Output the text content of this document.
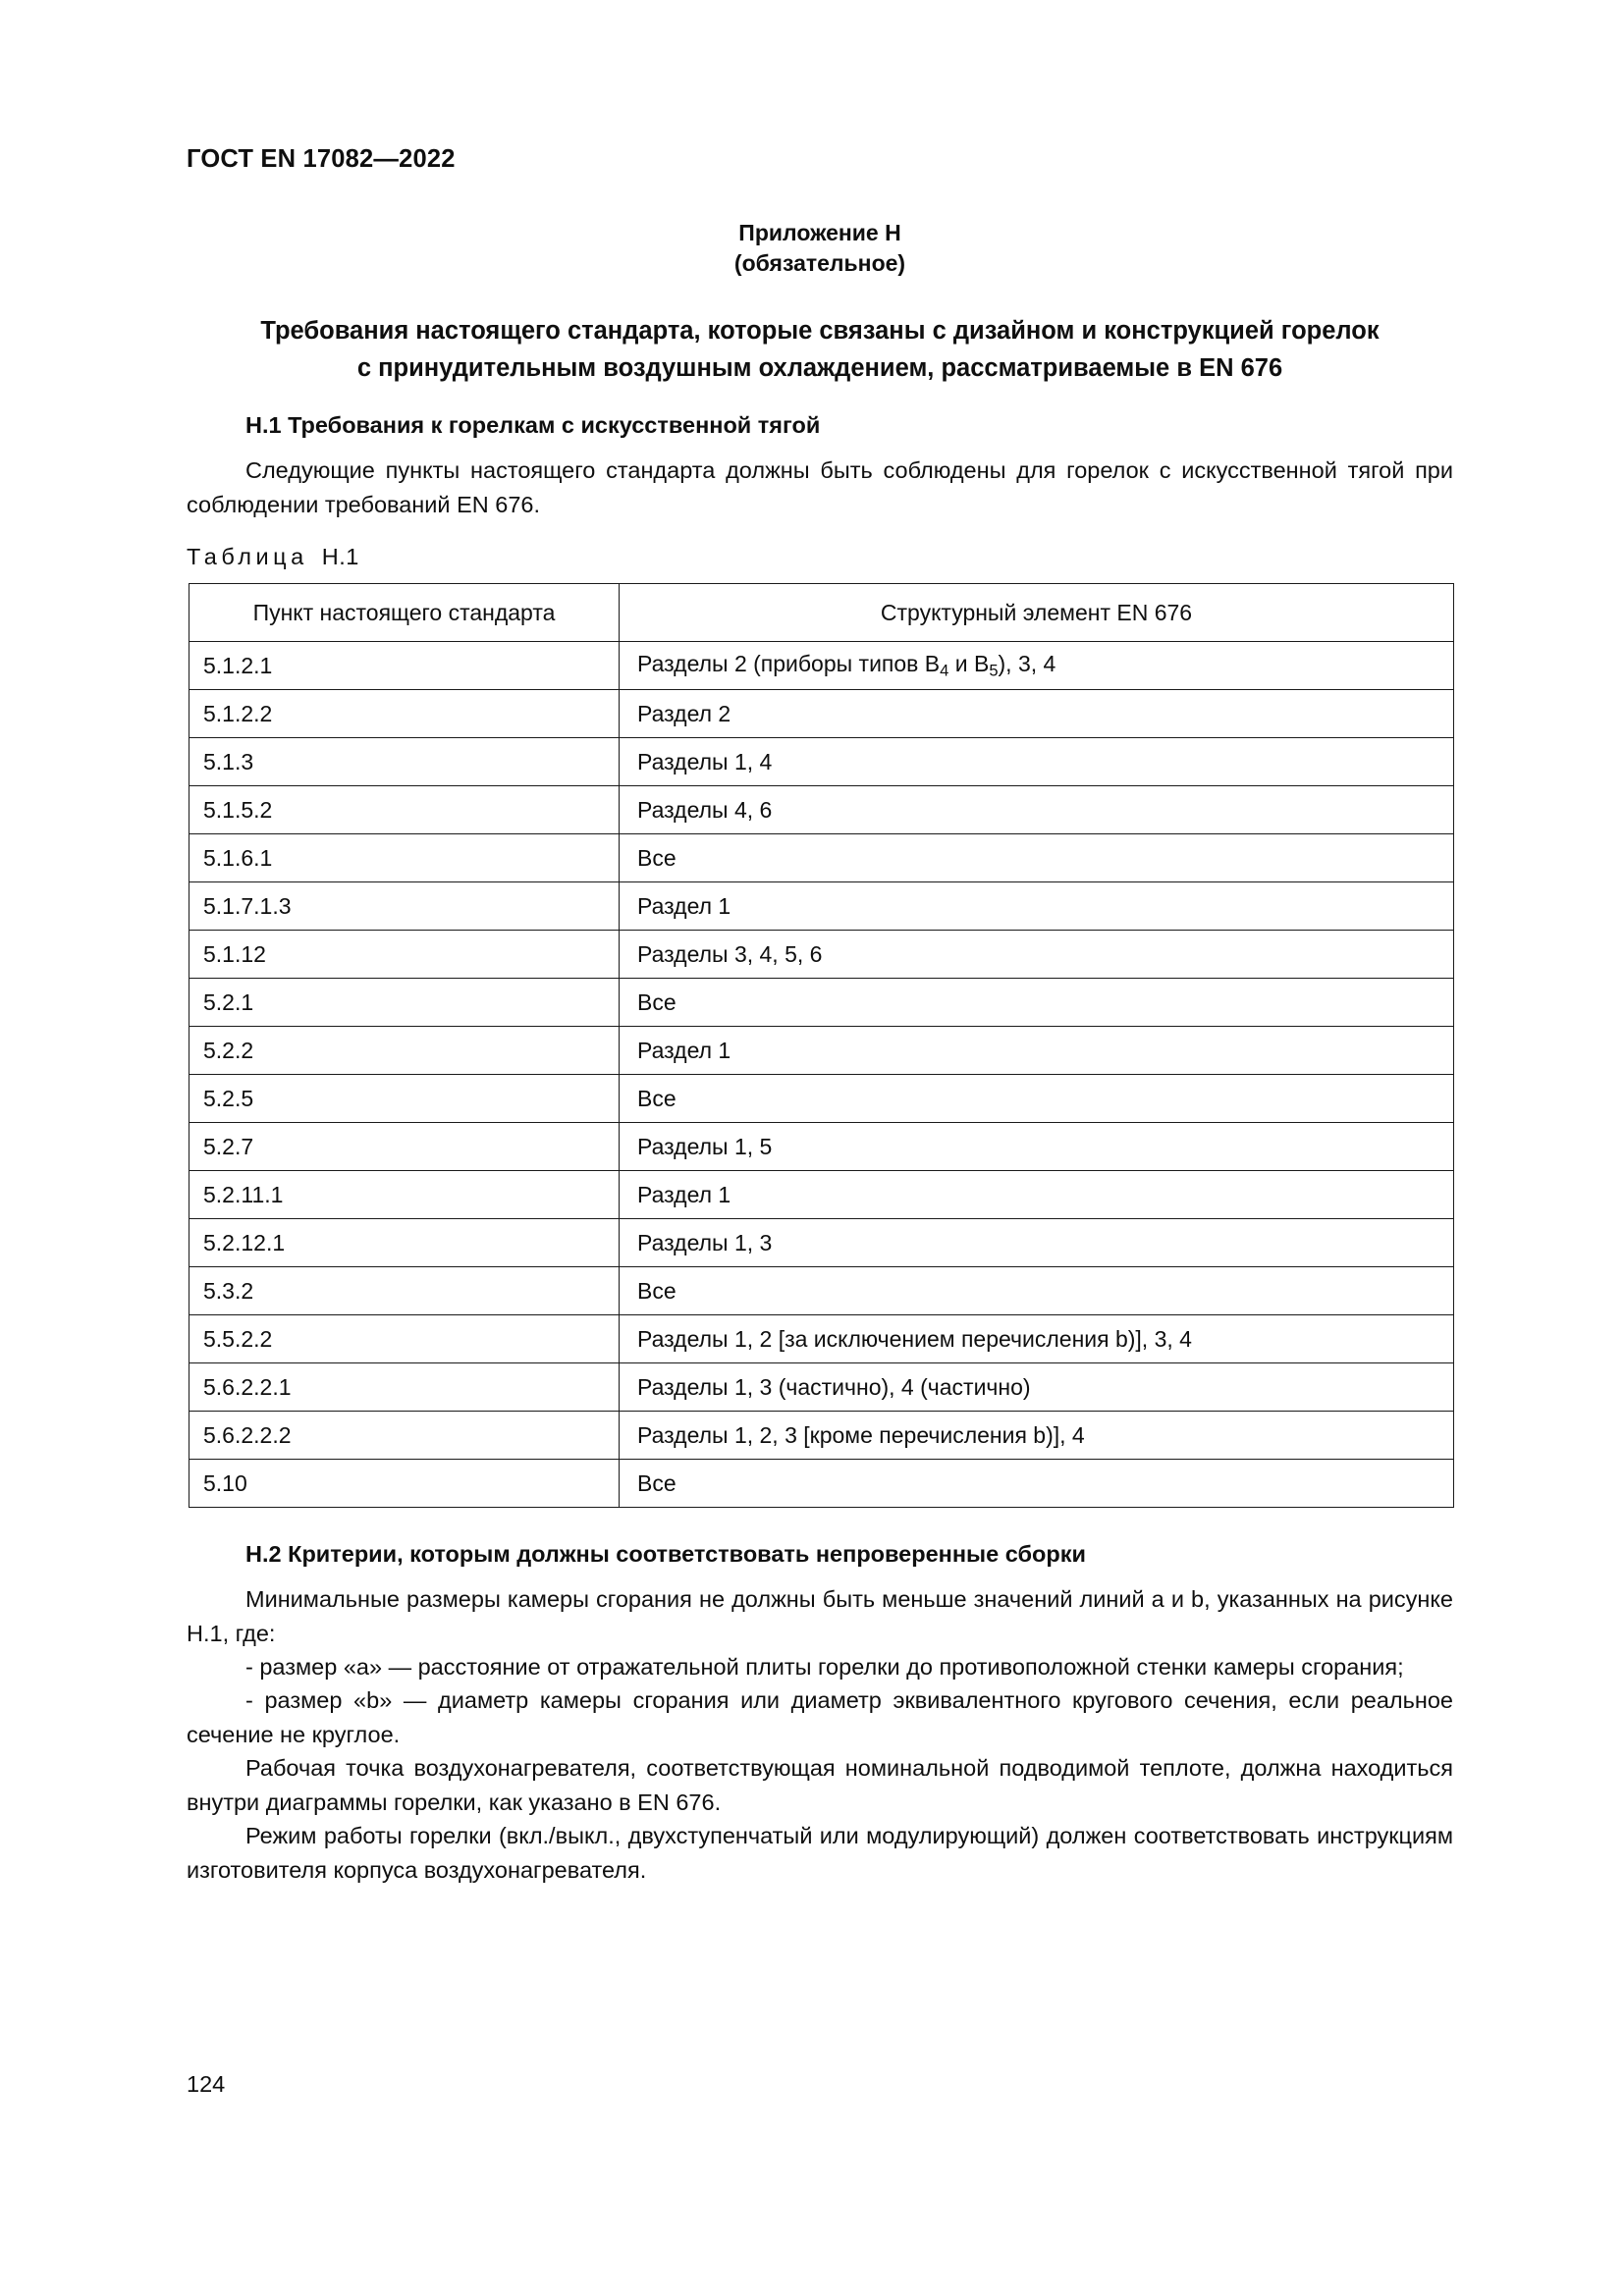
ГОСТ EN 17082—2022
Приложение Н
(обязательное)
Требования настоящего стандарта, которые связаны с дизайном и конструкцией горелок
с принудительным воздушным охлаждением, рассматриваемые в EN 676
Н.1 Требования к горелкам с искусственной тягой
Следующие пункты настоящего стандарта должны быть соблюдены для горелок с искусственной тягой при соблюдении требований EN 676.
Таблица Н.1
Пункт настоящего стандарта	Структурный элемент EN 676
5.1.2.1	Разделы 2 (приборы типов $B_4$ и $B_5$), 3, 4
5.1.2.2	Раздел 2
5.1.3	Разделы 1, 4
5.1.5.2	Разделы 4, 6
5.1.6.1	Все
5.1.7.1.3	Раздел 1
5.1.12	Разделы 3, 4, 5, 6
5.2.1	Все
5.2.2	Раздел 1
5.2.5	Все
5.2.7	Разделы 1, 5
5.2.11.1	Раздел 1
5.2.12.1	Разделы 1, 3
5.3.2	Все
5.5.2.2	Разделы 1, 2 [за исключением перечисления b)], 3, 4
5.6.2.2.1	Разделы 1, 3 (частично), 4 (частично)
5.6.2.2.2	Разделы 1, 2, 3 [кроме перечисления b)], 4
5.10	Все
Н.2 Критерии, которым должны соответствовать непроверенные сборки
Минимальные размеры камеры сгорания не должны быть меньше значений линий a и b, указанных на рисунке Н.1, где:
- размер «a» — расстояние от отражательной плиты горелки до противоположной стенки камеры сгорания;
- размер «b» — диаметр камеры сгорания или диаметр эквивалентного кругового сечения, если реальное сечение не круглое.
Рабочая точка воздухонагревателя, соответствующая номинальной подводимой теплоте, должна находиться внутри диаграммы горелки, как указано в EN 676.
Режим работы горелки (вкл./выкл., двухступенчатый или модулирующий) должен соответствовать инструкциям изготовителя корпуса воздухонагревателя.
124
